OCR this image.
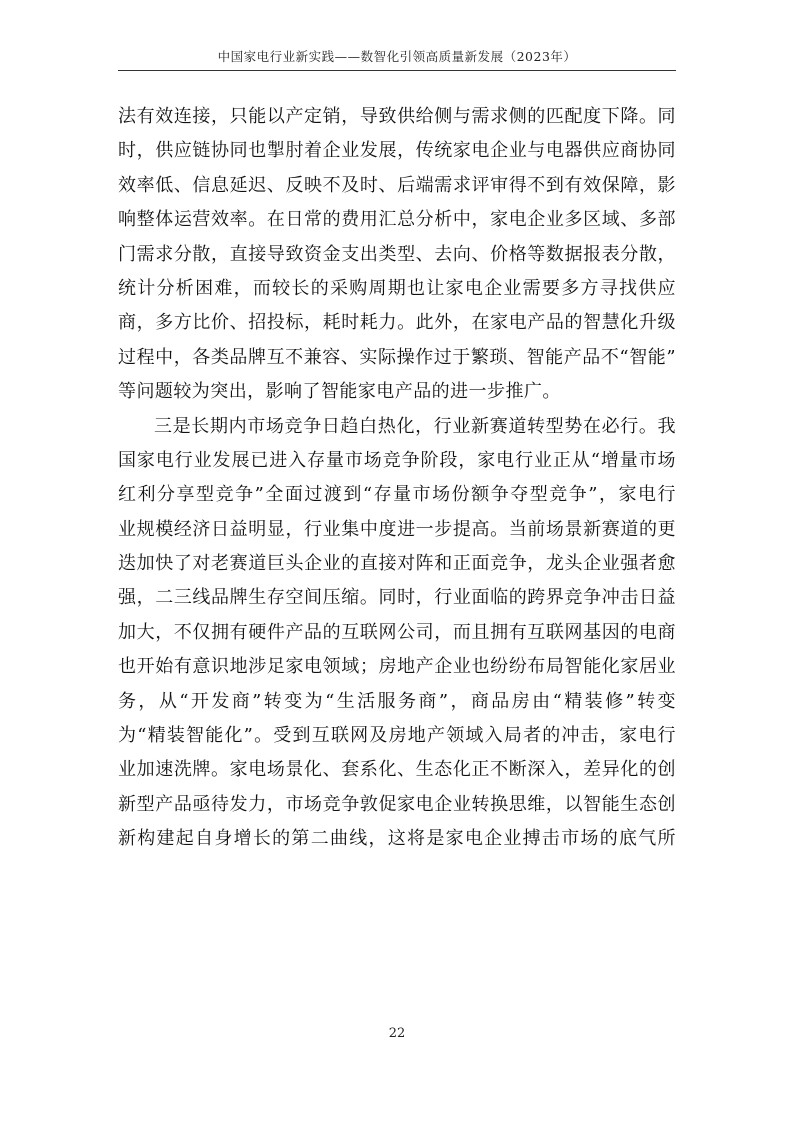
中国家电行业新实践——数智化引领高质量新发展（2023年）
法有效连接，只能以产定销，导致供给侧与需求侧的匹配度下降。同
时，供应链协同也掣肘着企业发展，传统家电企业与电器供应商协同
效率低、信息延迟、反映不及时、后端需求评审得不到有效保障，影
响整体运营效率。在日常的费用汇总分析中，家电企业多区域、多部
门需求分散，直接导致资金支出类型、去向、价格等数据报表分散，
统计分析困难，而较长的采购周期也让家电企业需要多方寻找供应
商，多方比价、招投标，耗时耗力。此外，在家电产品的智慧化升级
过程中，各类品牌互不兼容、实际操作过于繁琐、智能产品不“智能”
等问题较为突出，影响了智能家电产品的进一步推广。
三是长期内市场竞争日趋白热化，行业新赛道转型势在必行。我
国家电行业发展已进入存量市场竞争阶段，家电行业正从“增量市场
红利分享型竞争”全面过渡到“存量市场份额争夺型竞争”，家电行
业规模经济日益明显，行业集中度进一步提高。当前场景新赛道的更
迭加快了对老赛道巨头企业的直接对阵和正面竞争，龙头企业强者愈
强，二三线品牌生存空间压缩。同时，行业面临的跨界竞争冲击日益
加大，不仅拥有硬件产品的互联网公司，而且拥有互联网基因的电商
也开始有意识地涉足家电领域；房地产企业也纷纷布局智能化家居业
务，从“开发商”转变为“生活服务商”，商品房由“精装修”转变
为“精装智能化”。受到互联网及房地产领域入局者的冲击，家电行
业加速洗牌。家电场景化、套系化、生态化正不断深入，差异化的创
新型产品亟待发力，市场竞争敦促家电企业转换思维，以智能生态创
新构建起自身增长的第二曲线，这将是家电企业搏击市场的底气所
22
